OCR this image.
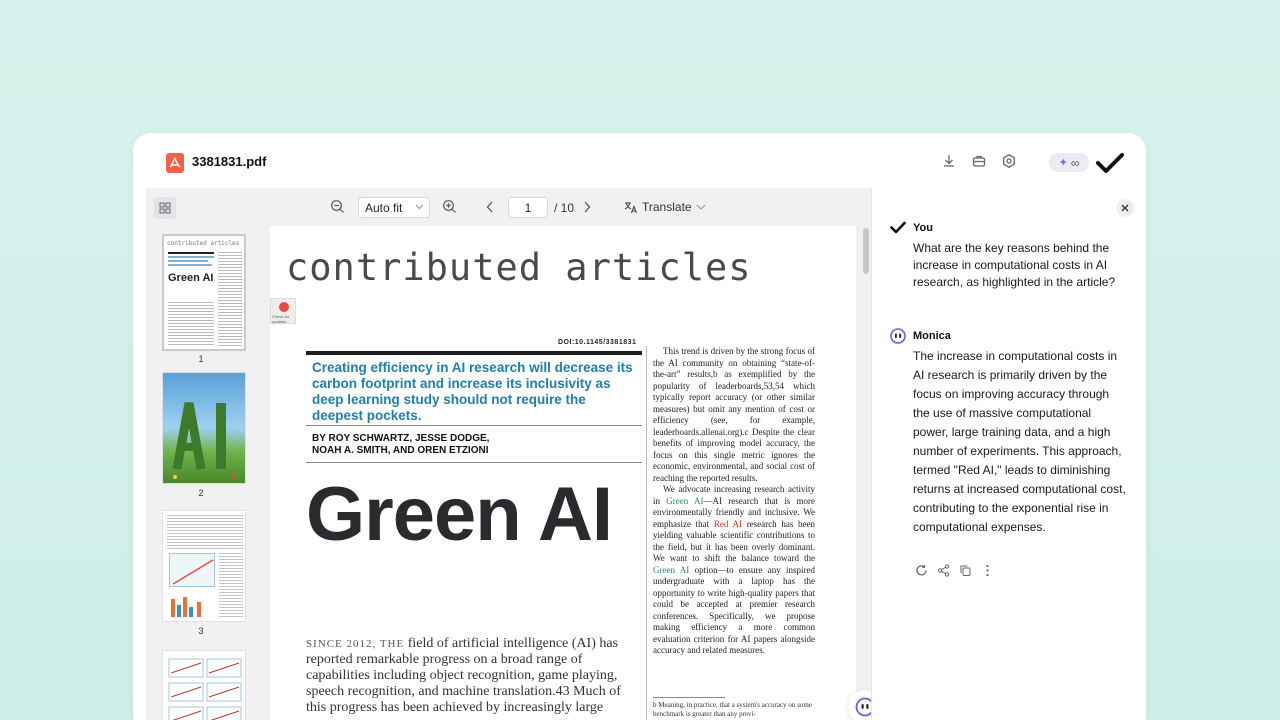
3381831.pdf	✦ ∞
Auto fit	1	/ 10	Translate
contributed articles
Green AI
1
2
3
contributed articles
Check for updates
DOI:10.1145/3381831
Creating efficiency in AI research will decrease its carbon footprint and increase its inclusivity as deep learning study should not require the deepest pockets.
BY ROY SCHWARTZ, JESSE DODGE,
NOAH A. SMITH, AND OREN ETZIONI
Green AI
SINCE 2012, THE field of artificial intelligence (AI) has reported remarkable progress on a broad range of capabilities including object recognition, game playing, speech recognition, and machine translation.43 Much of this progress has been achieved by increasingly large

This trend is driven by the strong focus of the AI community on obtaining “state-of-the-art” results,b as exemplified by the popularity of leaderboards,53,54 which typically report accuracy (or other similar measures) but omit any mention of cost or efficiency (see, for example, leaderboards.allenai.org).c Despite the clear benefits of improving model accuracy, the focus on this single metric ignores the economic, environmental, and social cost of reaching the reported results.

We advocate increasing research activity in Green AI—AI research that is more environmentally friendly and inclusive. We emphasize that Red AI research has been yielding valuable scientific contributions to the field, but it has been overly dominant. We want to shift the balance toward the Green AI option—to ensure any inspired undergraduate with a laptop has the opportunity to write high-quality papers that could be accepted at premier research conferences. Specifically, we propose making efficiency a more common evaluation criterion for AI papers alongside accuracy and related measures.

b Meaning, in practice, that a system's accuracy on some benchmark is greater than any previ-
You
What are the key reasons behind the increase in computational costs in AI research, as highlighted in the article?
Monica
The increase in computational costs in AI research is primarily driven by the focus on improving accuracy through the use of massive computational power, large training data, and a high number of experiments. This approach, termed "Red AI," leads to diminishing returns at increased computational cost, contributing to the exponential rise in computational expenses.
